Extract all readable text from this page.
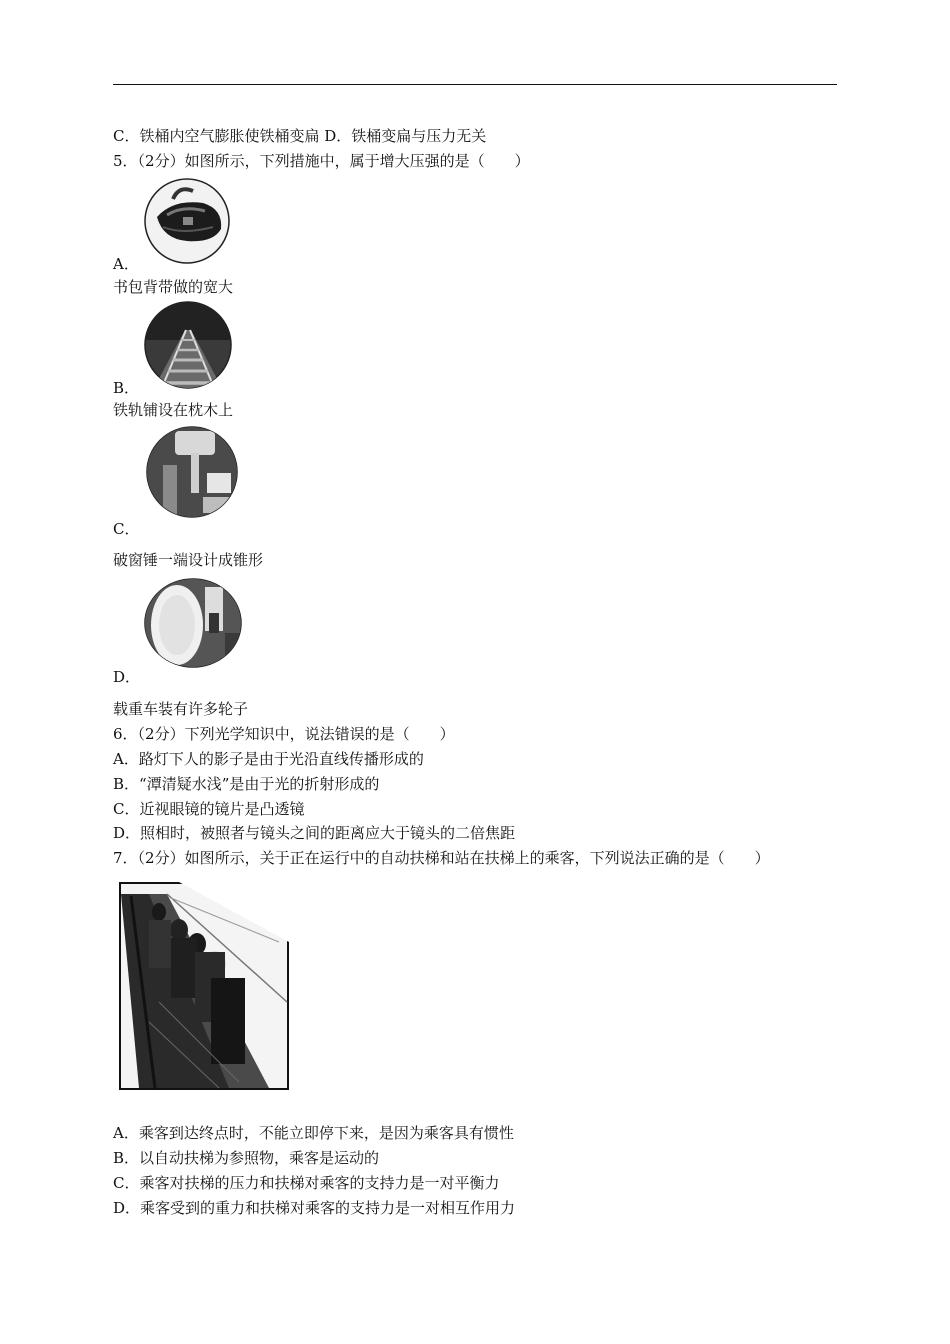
C．铁桶内空气膨胀使铁桶变扁 D．铁桶变扁与压力无关
5．（2分）如图所示，下列措施中，属于增大压强的是（　　）
A．
书包背带做的宽大
B．
铁轨铺设在枕木上
C．
破窗锤一端设计成锥形
D．
载重车装有许多轮子
6．（2分）下列光学知识中，说法错误的是（　　）
A．路灯下人的影子是由于光沿直线传播形成的
B．“潭清疑水浅”是由于光的折射形成的
C．近视眼镜的镜片是凸透镜
D．照相时，被照者与镜头之间的距离应大于镜头的二倍焦距
7．（2分）如图所示，关于正在运行中的自动扶梯和站在扶梯上的乘客，下列说法正确的是（　　）
A．乘客到达终点时，不能立即停下来，是因为乘客具有惯性
B．以自动扶梯为参照物，乘客是运动的
C．乘客对扶梯的压力和扶梯对乘客的支持力是一对平衡力
D．乘客受到的重力和扶梯对乘客的支持力是一对相互作用力
